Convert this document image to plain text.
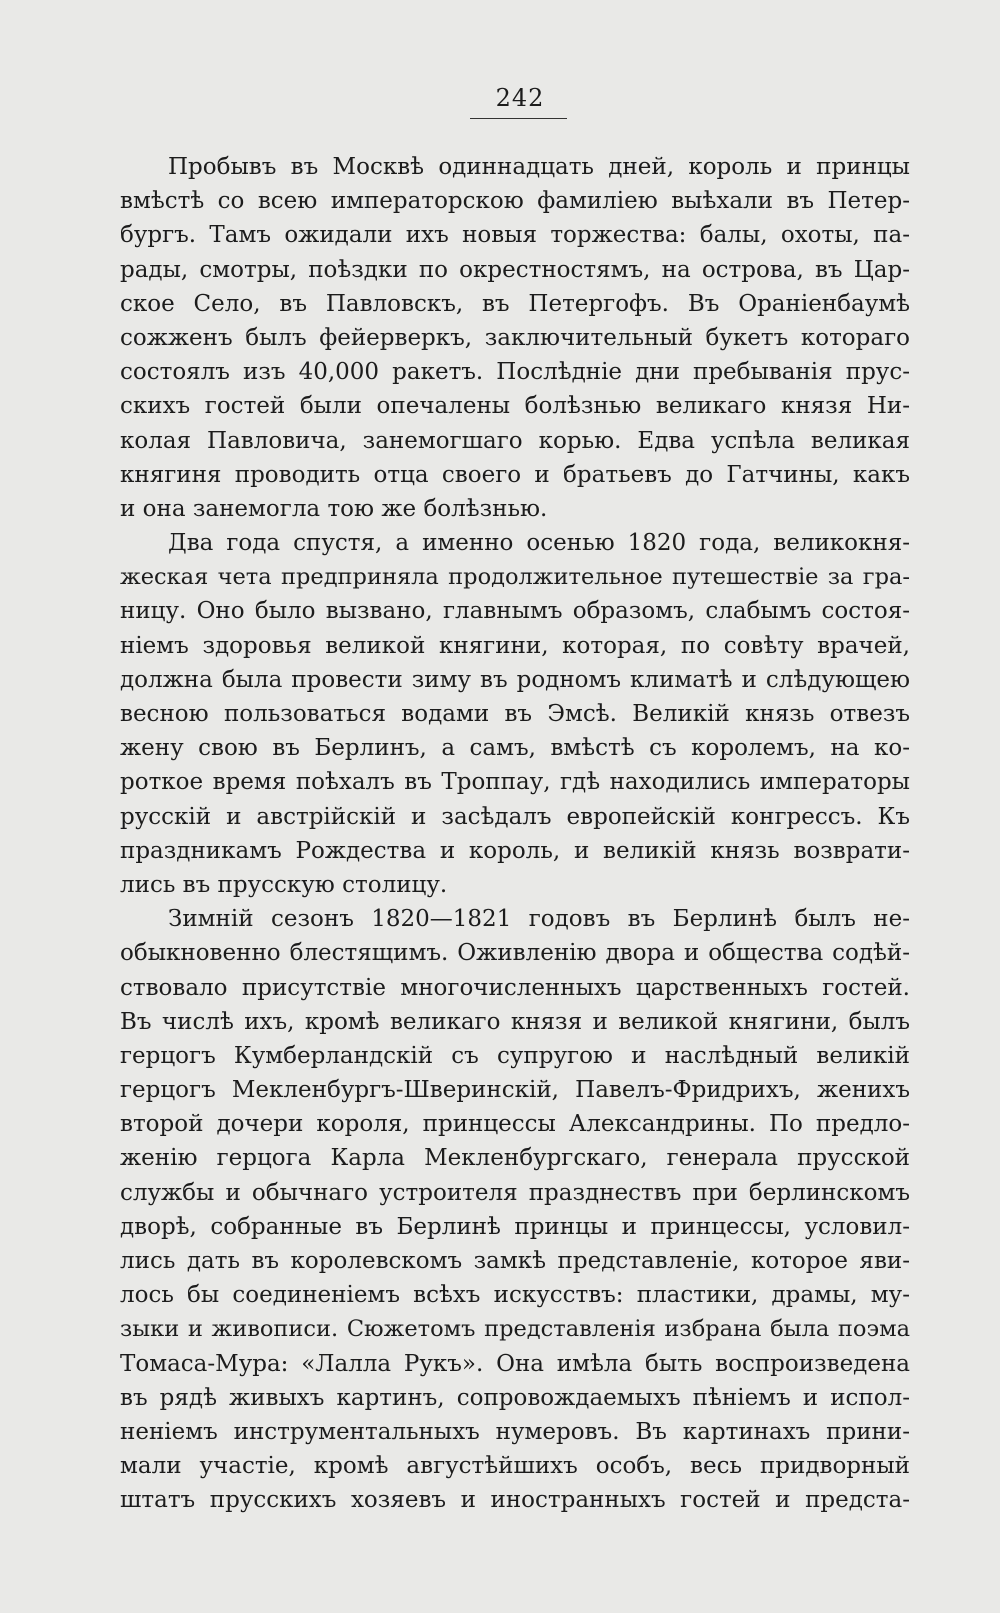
242
Пробывъ въ Москвѣ одиннадцать дней, король и принцы
вмѣстѣ со всею императорскою фамиліею выѣхали въ Петер-
бургъ. Тамъ ожидали ихъ новыя торжества: балы, охоты, па-
рады, смотры, поѣздки по окрестностямъ, на острова, въ Цар-
ское Село, въ Павловскъ, въ Петергофъ. Въ Ораніенбаумѣ
сожженъ былъ фейерверкъ, заключительный букетъ котораго
состоялъ изъ 40,000 ракетъ. Послѣдніе дни пребыванія прус-
скихъ гостей были опечалены болѣзнью великаго князя Ни-
колая Павловича, занемогшаго корью. Едва успѣла великая
княгиня проводить отца своего и братьевъ до Гатчины, какъ
и она занемогла тою же болѣзнью.
Два года спустя, а именно осенью 1820 года, великокня-
жеская чета предприняла продолжительное путешествіе за гра-
ницу. Оно было вызвано, главнымъ образомъ, слабымъ состоя-
ніемъ здоровья великой княгини, которая, по совѣту врачей,
должна была провести зиму въ родномъ климатѣ и слѣдующею
весною пользоваться водами въ Эмсѣ. Великій князь отвезъ
жену свою въ Берлинъ, а самъ, вмѣстѣ съ королемъ, на ко-
роткое время поѣхалъ въ Троппау, гдѣ находились императоры
русскій и австрійскій и засѣдалъ европейскій конгрессъ. Къ
праздникамъ Рождества и король, и великій князь возврати-
лись въ прусскую столицу.
Зимній сезонъ 1820—1821 годовъ въ Берлинѣ былъ не-
обыкновенно блестящимъ. Оживленію двора и общества содѣй-
ствовало присутствіе многочисленныхъ царственныхъ гостей.
Въ числѣ ихъ, кромѣ великаго князя и великой княгини, былъ
герцогъ Кумберландскій съ супругою и наслѣдный великій
герцогъ Мекленбургъ-Шверинскій, Павелъ-Фридрихъ, женихъ
второй дочери короля, принцессы Александрины. По предло-
женію герцога Карла Мекленбургскаго, генерала прусской
службы и обычнаго устроителя празднествъ при берлинскомъ
дворѣ, собранные въ Берлинѣ принцы и принцессы, условил-
лись дать въ королевскомъ замкѣ представленіе, которое яви-
лось бы соединеніемъ всѣхъ искусствъ: пластики, драмы, му-
зыки и живописи. Сюжетомъ представленія избрана была поэма
Томаса-Мура: «Лалла Рукъ». Она имѣла быть воспроизведена
въ рядѣ живыхъ картинъ, сопровождаемыхъ пѣніемъ и испол-
неніемъ инструментальныхъ нумеровъ. Въ картинахъ прини-
мали участіе, кромѣ августѣйшихъ особъ, весь придворный
штатъ прусскихъ хозяевъ и иностранныхъ гостей и предста-
